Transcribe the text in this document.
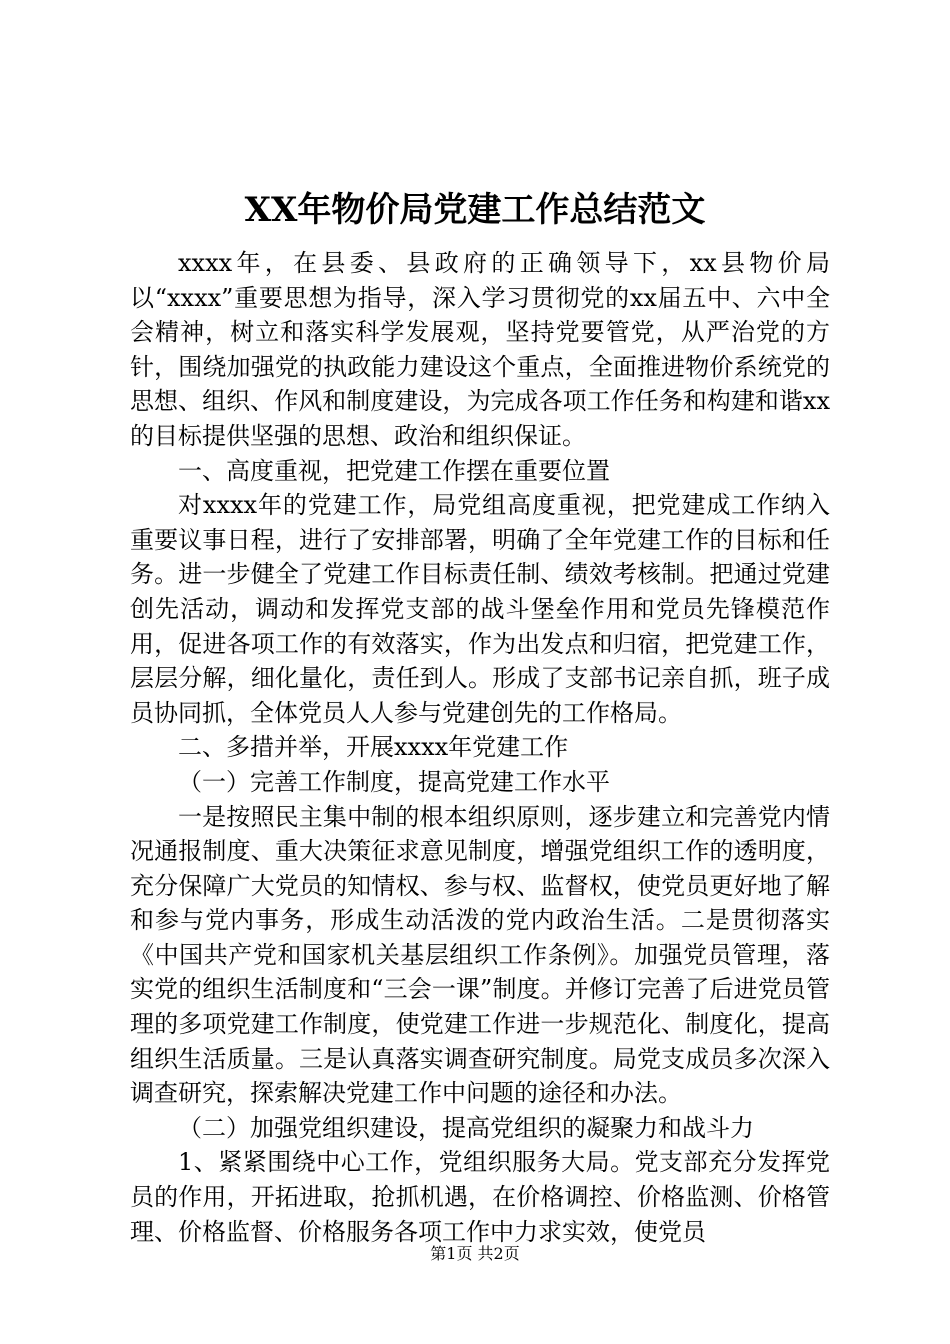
XX年物价局党建工作总结范文

xxxx年，在县委、县政府的正确领导下，xx县物价局以“xxxx”重要思想为指导，深入学习贯彻党的xx届五中、六中全会精神，树立和落实科学发展观，坚持党要管党，从严治党的方针，围绕加强党的执政能力建设这个重点，全面推进物价系统党的思想、组织、作风和制度建设，为完成各项工作任务和构建和谐xx的目标提供坚强的思想、政治和组织保证。

一、高度重视，把党建工作摆在重要位置

对xxxx年的党建工作，局党组高度重视，把党建成工作纳入重要议事日程，进行了安排部署，明确了全年党建工作的目标和任务。进一步健全了党建工作目标责任制、绩效考核制。把通过党建创先活动，调动和发挥党支部的战斗堡垒作用和党员先锋模范作用，促进各项工作的有效落实，作为出发点和归宿，把党建工作，层层分解，细化量化，责任到人。形成了支部书记亲自抓，班子成员协同抓，全体党员人人参与党建创先的工作格局。

二、多措并举，开展xxxx年党建工作

（一）完善工作制度，提高党建工作水平

一是按照民主集中制的根本组织原则，逐步建立和完善党内情况通报制度、重大决策征求意见制度，增强党组织工作的透明度，充分保障广大党员的知情权、参与权、监督权，使党员更好地了解和参与党内事务，形成生动活泼的党内政治生活。二是贯彻落实《中国共产党和国家机关基层组织工作条例》。加强党员管理，落实党的组织生活制度和“三会一课”制度。并修订完善了后进党员管理的多项党建工作制度，使党建工作进一步规范化、制度化，提高组织生活质量。三是认真落实调查研究制度。局党支成员多次深入调查研究，探索解决党建工作中问题的途径和办法。

（二）加强党组织建设，提高党组织的凝聚力和战斗力

1、紧紧围绕中心工作，党组织服务大局。党支部充分发挥党员的作用，开拓进取，抢抓机遇，在价格调控、价格监测、价格管理、价格监督、价格服务各项工作中力求实效，使党员

第1页 共2页
